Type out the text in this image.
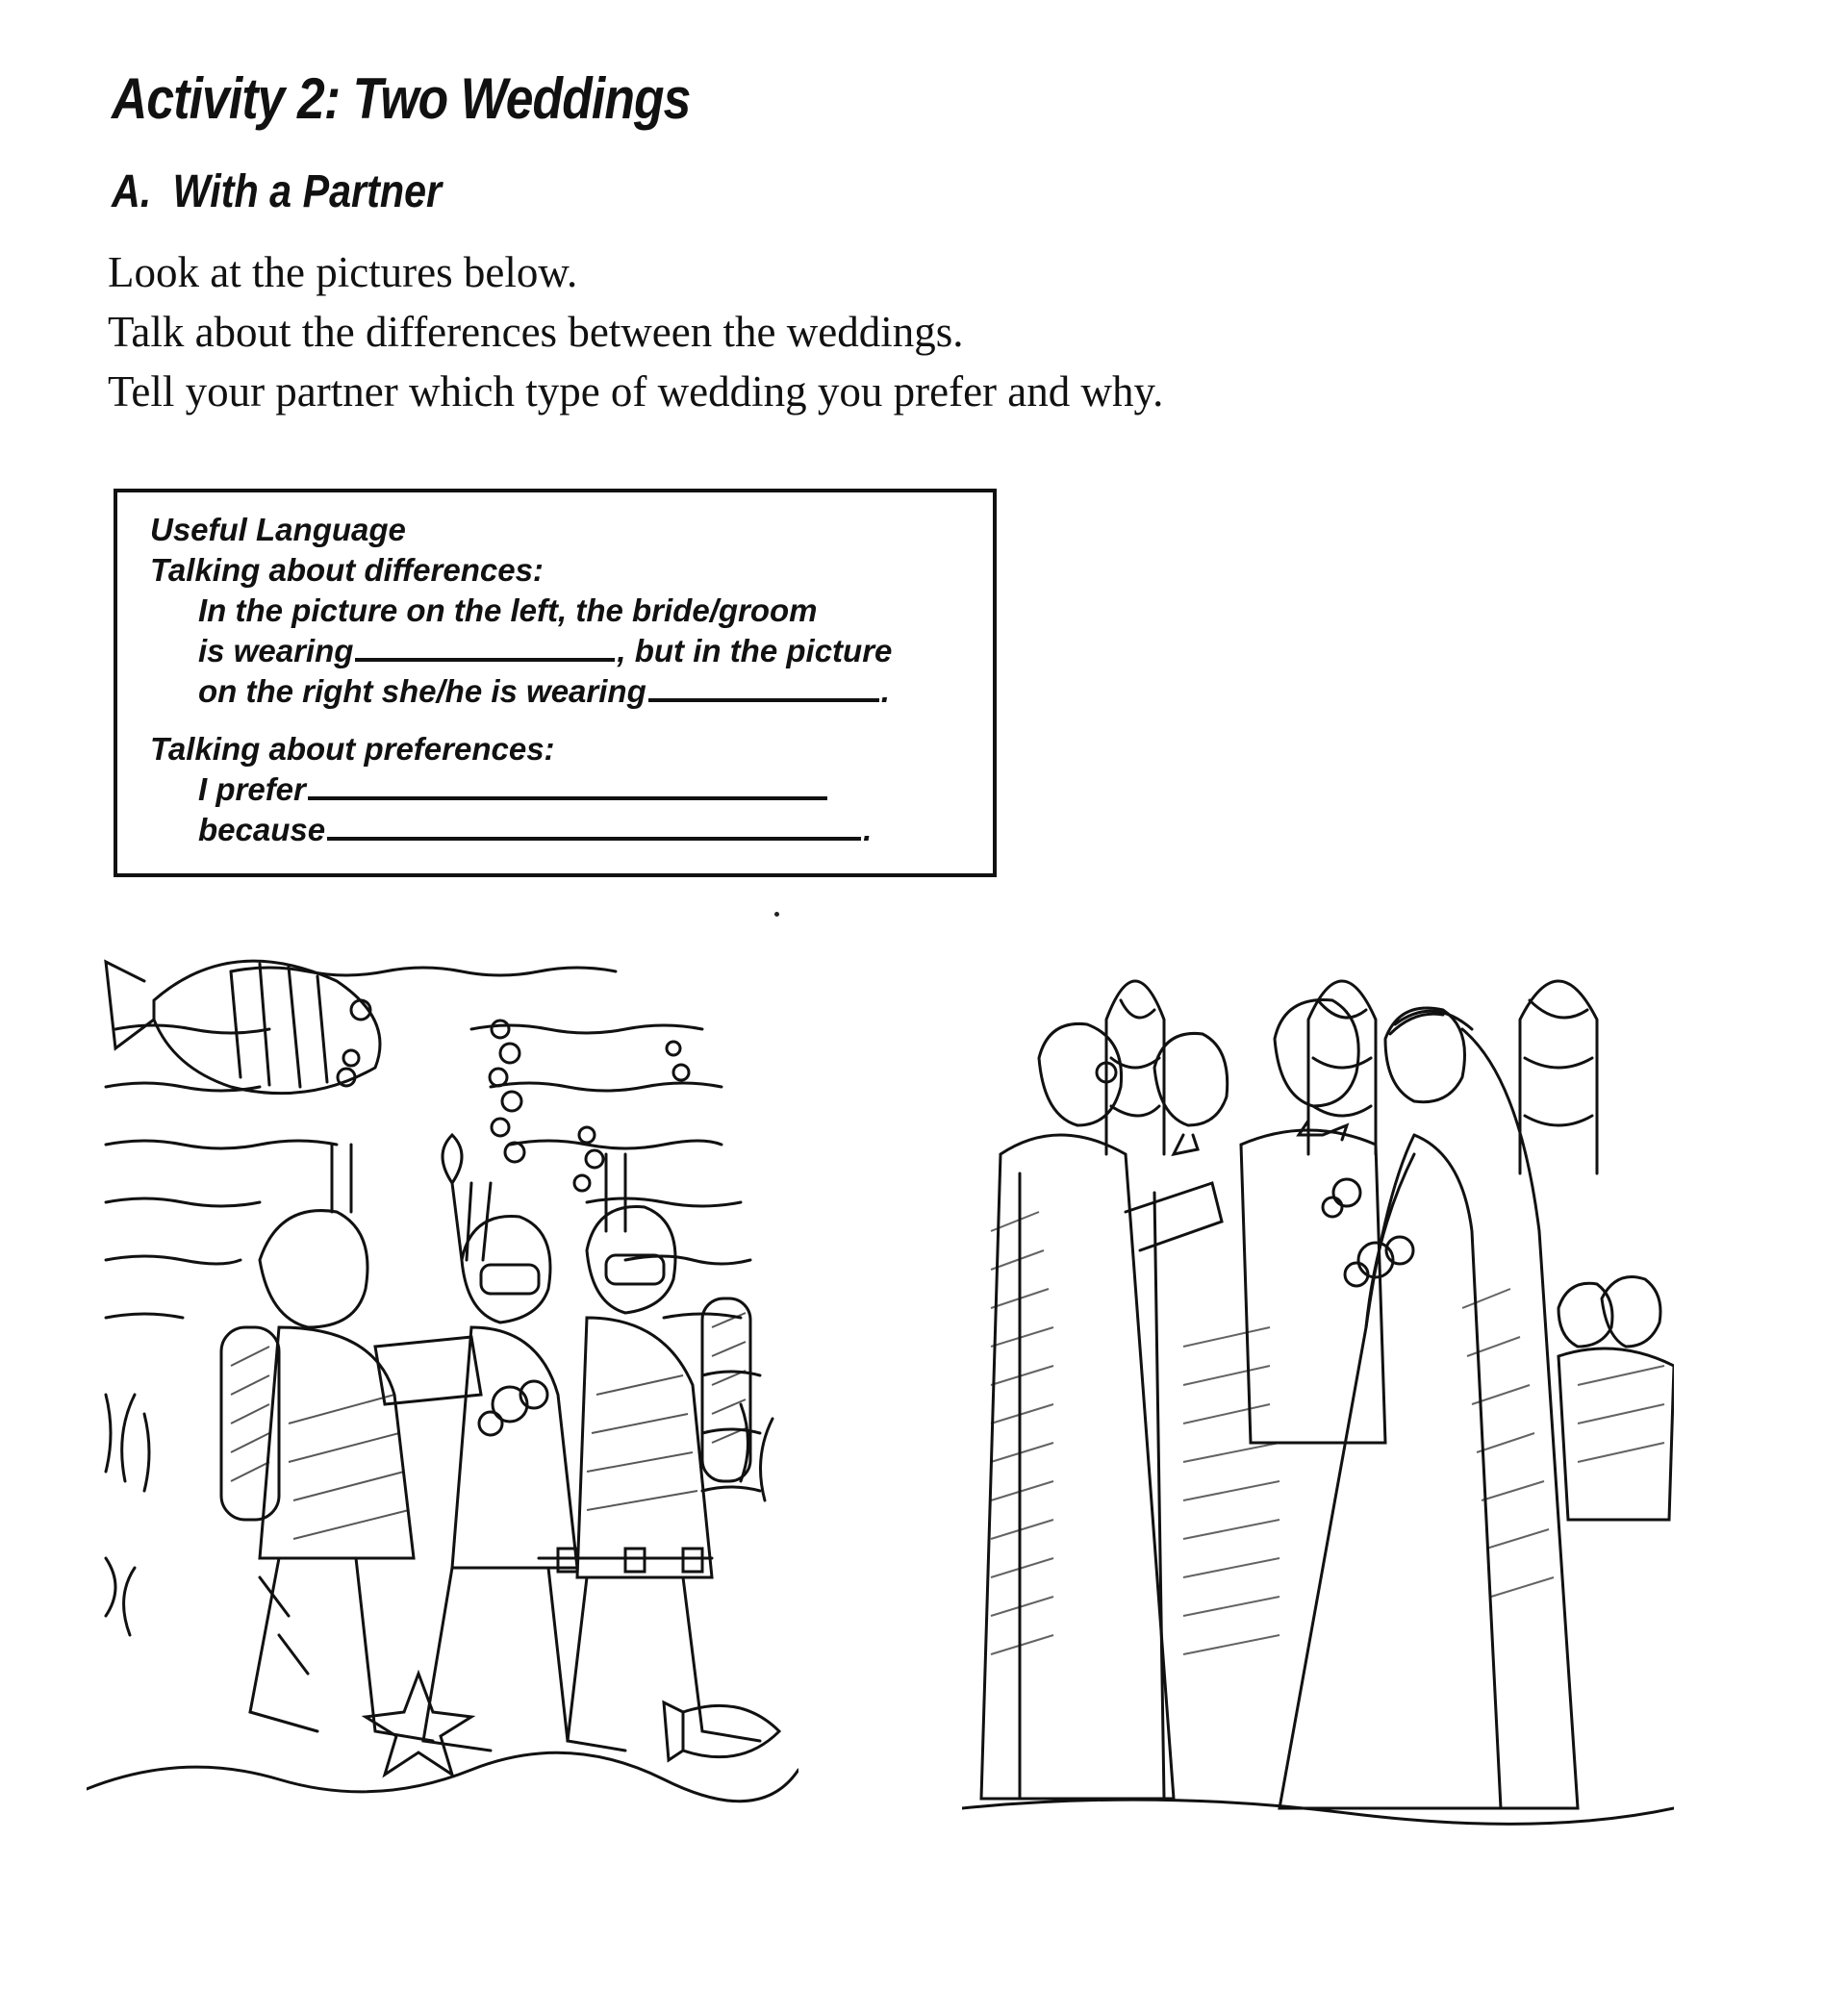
Activity 2: Two Weddings
A. With a Partner
Look at the pictures below.
Talk about the differences between the weddings.
Tell your partner which type of wedding you prefer and why.
Useful Language
Talking about differences:
In the picture on the left, the bride/groom
is wearing	, but in the picture
on the right she/he is wearing	.
Talking about preferences:
I prefer
because	.
